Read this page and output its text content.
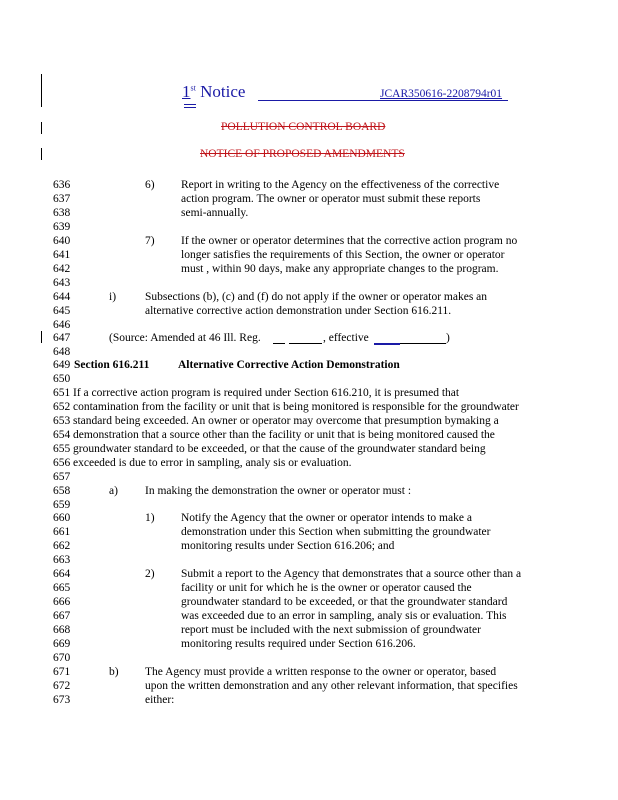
1st Notice	JCAR350616-2208794r01
POLLUTION CONTROL BOARD
NOTICE OF PROPOSED AMENDMENTS
636
637
638
639
640
641
642
643
644
645
646
647
648
649
650
651
652
653
654
655
656
657
658
659
660
661
662
663
664
665
666
667
668
669
670
671
672
673
6) Report in writing to the Agency on the effectiveness of the corrective
action program. The owner or operator must submit these reports
semi-annually.
7) If the owner or operator determines that the corrective action program no
longer satisfies the requirements of this Section, the owner or operator
must , within 90 days, make any appropriate changes to the program.
i)	Subsections (b), (c) and (f) do not apply if the owner or operator makes an
alternative corrective action demonstration under Section 616.211.
(Source: Amended at 46 Ill. Reg.	, effective	)
Section 616.211 Alternative Corrective Action Demonstration
If a corrective action program is required under Section 616.210, it is presumed that
contamination from the facility or unit that is being monitored is responsible for the groundwater
standard being exceeded. An owner or operator may overcome that presumption bymaking a
demonstration that a source other than the facility or unit that is being monitored caused the
groundwater standard to be exceeded, or that the cause of the groundwater standard being
exceeded is due to error in sampling, analy sis or evaluation.
a) In making the demonstration the owner or operator must :
1) Notify the Agency that the owner or operator intends to make a
demonstration under this Section when submitting the groundwater
monitoring results under Section 616.206; and
2) Submit a report to the Agency that demonstrates that a source other than a
facility or unit for which he is the owner or operator caused the
groundwater standard to be exceeded, or that the groundwater standard
was exceeded due to an error in sampling, analy sis or evaluation. This
report must be included with the next submission of groundwater
monitoring results required under Section 616.206.
b) The Agency must provide a written response to the owner or operator, based
upon the written demonstration and any other relevant information, that specifies
either:
